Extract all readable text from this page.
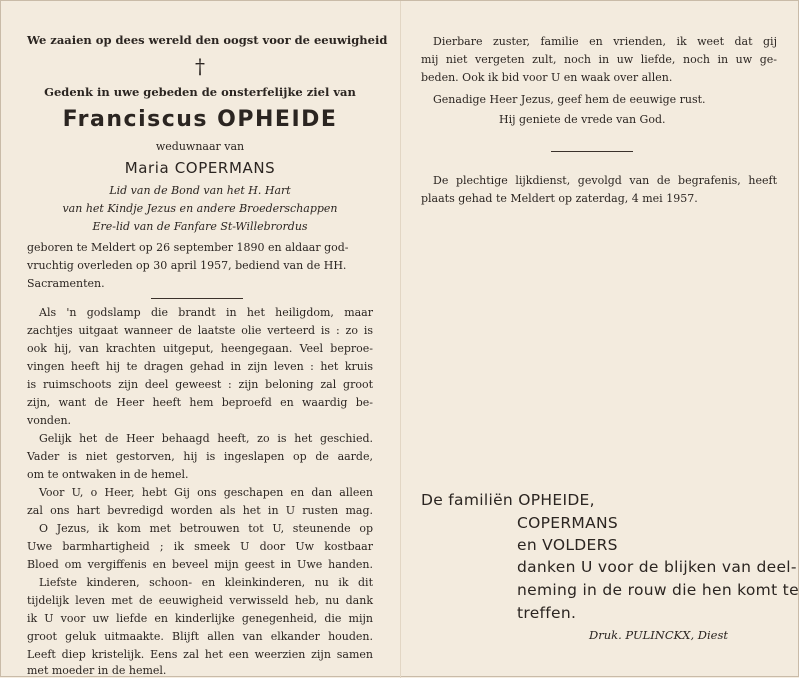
We zaaien op dees wereld den oogst voor de eeuwigheid
†
Gedenk in uwe gebeden de onsterfelijke ziel van
Franciscus OPHEIDE
weduwnaar van
Maria COPERMANS
Lid van de Bond van het H. Hart
van het Kindje Jezus en andere Broederschappen
Ere-lid van de Fanfare St-Willebrordus
geboren te Meldert op 26 september 1890 en aldaar god-
vruchtig overleden op 30 april 1957, bediend van de HH.
Sacramenten.
Als 'n godslamp die brandt in het heiligdom, maar
zachtjes uitgaat wanneer de laatste olie verteerd is : zo is
ook hij, van krachten uitgeput, heengegaan. Veel beproe-
vingen heeft hij te dragen gehad in zijn leven : het kruis
is ruimschoots zijn deel geweest : zijn beloning zal groot
zijn, want de Heer heeft hem beproefd en waardig be-
vonden.
Gelijk het de Heer behaagd heeft, zo is het geschied.
Vader is niet gestorven, hij is ingeslapen op de aarde,
om te ontwaken in de hemel.
Voor U, o Heer, hebt Gij ons geschapen en dan alleen
zal ons hart bevredigd worden als het in U rusten mag.
O Jezus, ik kom met betrouwen tot U, steunende op
Uwe barmhartigheid ; ik smeek U door Uw kostbaar
Bloed om vergiffenis en beveel mijn geest in Uwe handen.
Liefste kinderen, schoon- en kleinkinderen, nu ik dit
tijdelijk leven met de eeuwigheid verwisseld heb, nu dank
ik U voor uw liefde en kinderlijke genegenheid, die mijn
groot geluk uitmaakte. Blijft allen van elkander houden.
Leeft diep kristelijk. Eens zal het een weerzien zijn samen
met moeder in de hemel.
Dierbare zuster, familie en vrienden, ik weet dat gij
mij niet vergeten zult, noch in uw liefde, noch in uw ge-
beden. Ook ik bid voor U en waak over allen.
Genadige Heer Jezus, geef hem de eeuwige rust.
Hij geniete de vrede van God.
De plechtige lijkdienst, gevolgd van de begrafenis, heeft
plaats gehad te Meldert op zaterdag, 4 mei 1957.
De familiën OPHEIDE,
COPERMANS
en VOLDERS
danken U voor de blijken van deel-
neming in de rouw die hen komt te
treffen.
Druk. PULINCKX, Diest
